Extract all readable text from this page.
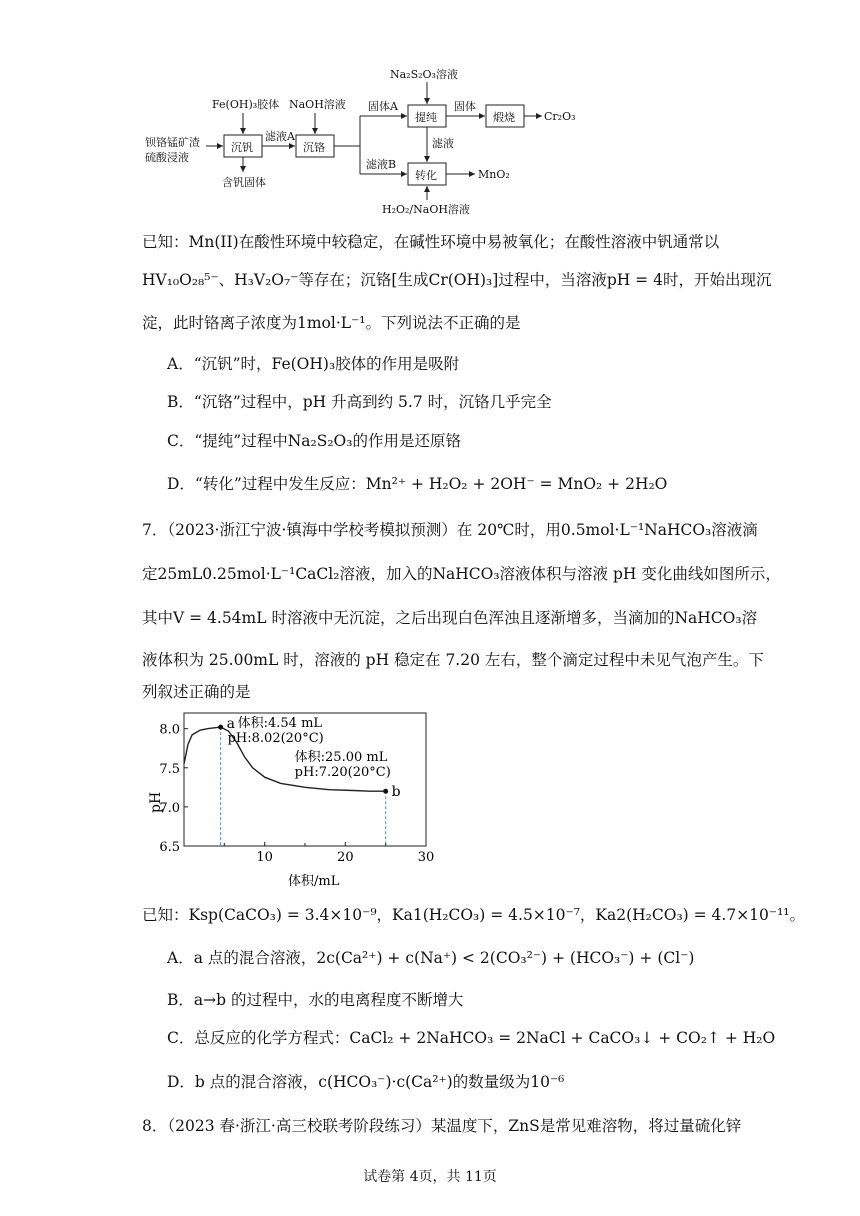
钡铬锰矿渣
硫酸浸液
Fe(OH)₃胶体
沉钒
含钒固体
滤液A
NaOH溶液
沉铬
固体A
滤液B
Na₂S₂O₃溶液
提纯
固体
煅烧	Cr₂O₃
滤液
转化	MnO₂
H₂O₂/NaOH溶液
已知：Mn(II)在酸性环境中较稳定，在碱性环境中易被氧化；在酸性溶液中钒通常以
HV₁₀O₂₈⁵⁻、H₃V₂O₇⁻等存在；沉铬[生成Cr(OH)₃]过程中，当溶液pH = 4时，开始出现沉
淀，此时铬离子浓度为1mol·L⁻¹。下列说法不正确的是
A．“沉钒”时，Fe(OH)₃胶体的作用是吸附
B．“沉铬”过程中，pH 升高到约 5.7 时，沉铬几乎完全
C．“提纯”过程中Na₂S₂O₃的作用是还原铬
D．“转化”过程中发生反应：Mn²⁺ + H₂O₂ + 2OH⁻ = MnO₂ + 2H₂O
7．（2023·浙江宁波·镇海中学校考模拟预测）在 20℃时，用0.5mol·L⁻¹NaHCO₃溶液滴
定25mL0.25mol·L⁻¹CaCl₂溶液，加入的NaHCO₃溶液体积与溶液 pH 变化曲线如图所示，
其中V = 4.54mL 时溶液中无沉淀，之后出现白色浑浊且逐渐增多，当滴加的NaHCO₃溶
液体积为 25.00mL 时，溶液的 pH 稳定在 7.20 左右，整个滴定过程中未见气泡产生。下
列叙述正确的是
a 体积:4.54 mL
pH:8.02(20°C)
b
体积:25.00 mL
pH:7.20(20°C)
10	20	30
6.5
7.0
7.5
8.0
pH
体积/mL
已知：Ksp(CaCO₃) = 3.4×10⁻⁹，Ka1(H₂CO₃) = 4.5×10⁻⁷，Ka2(H₂CO₃) = 4.7×10⁻¹¹。
A．a 点的混合溶液，2c(Ca²⁺) + c(Na⁺) < 2(CO₃²⁻) + (HCO₃⁻) + (Cl⁻)
B．a→b 的过程中，水的电离程度不断增大
C．总反应的化学方程式：CaCl₂ + 2NaHCO₃ = 2NaCl + CaCO₃↓ + CO₂↑ + H₂O
D．b 点的混合溶液，c(HCO₃⁻)·c(Ca²⁺)的数量级为10⁻⁶
8．（2023 春·浙江·高三校联考阶段练习）某温度下，ZnS是常见难溶物，将过量硫化锌
试卷第 4页，共 11页
